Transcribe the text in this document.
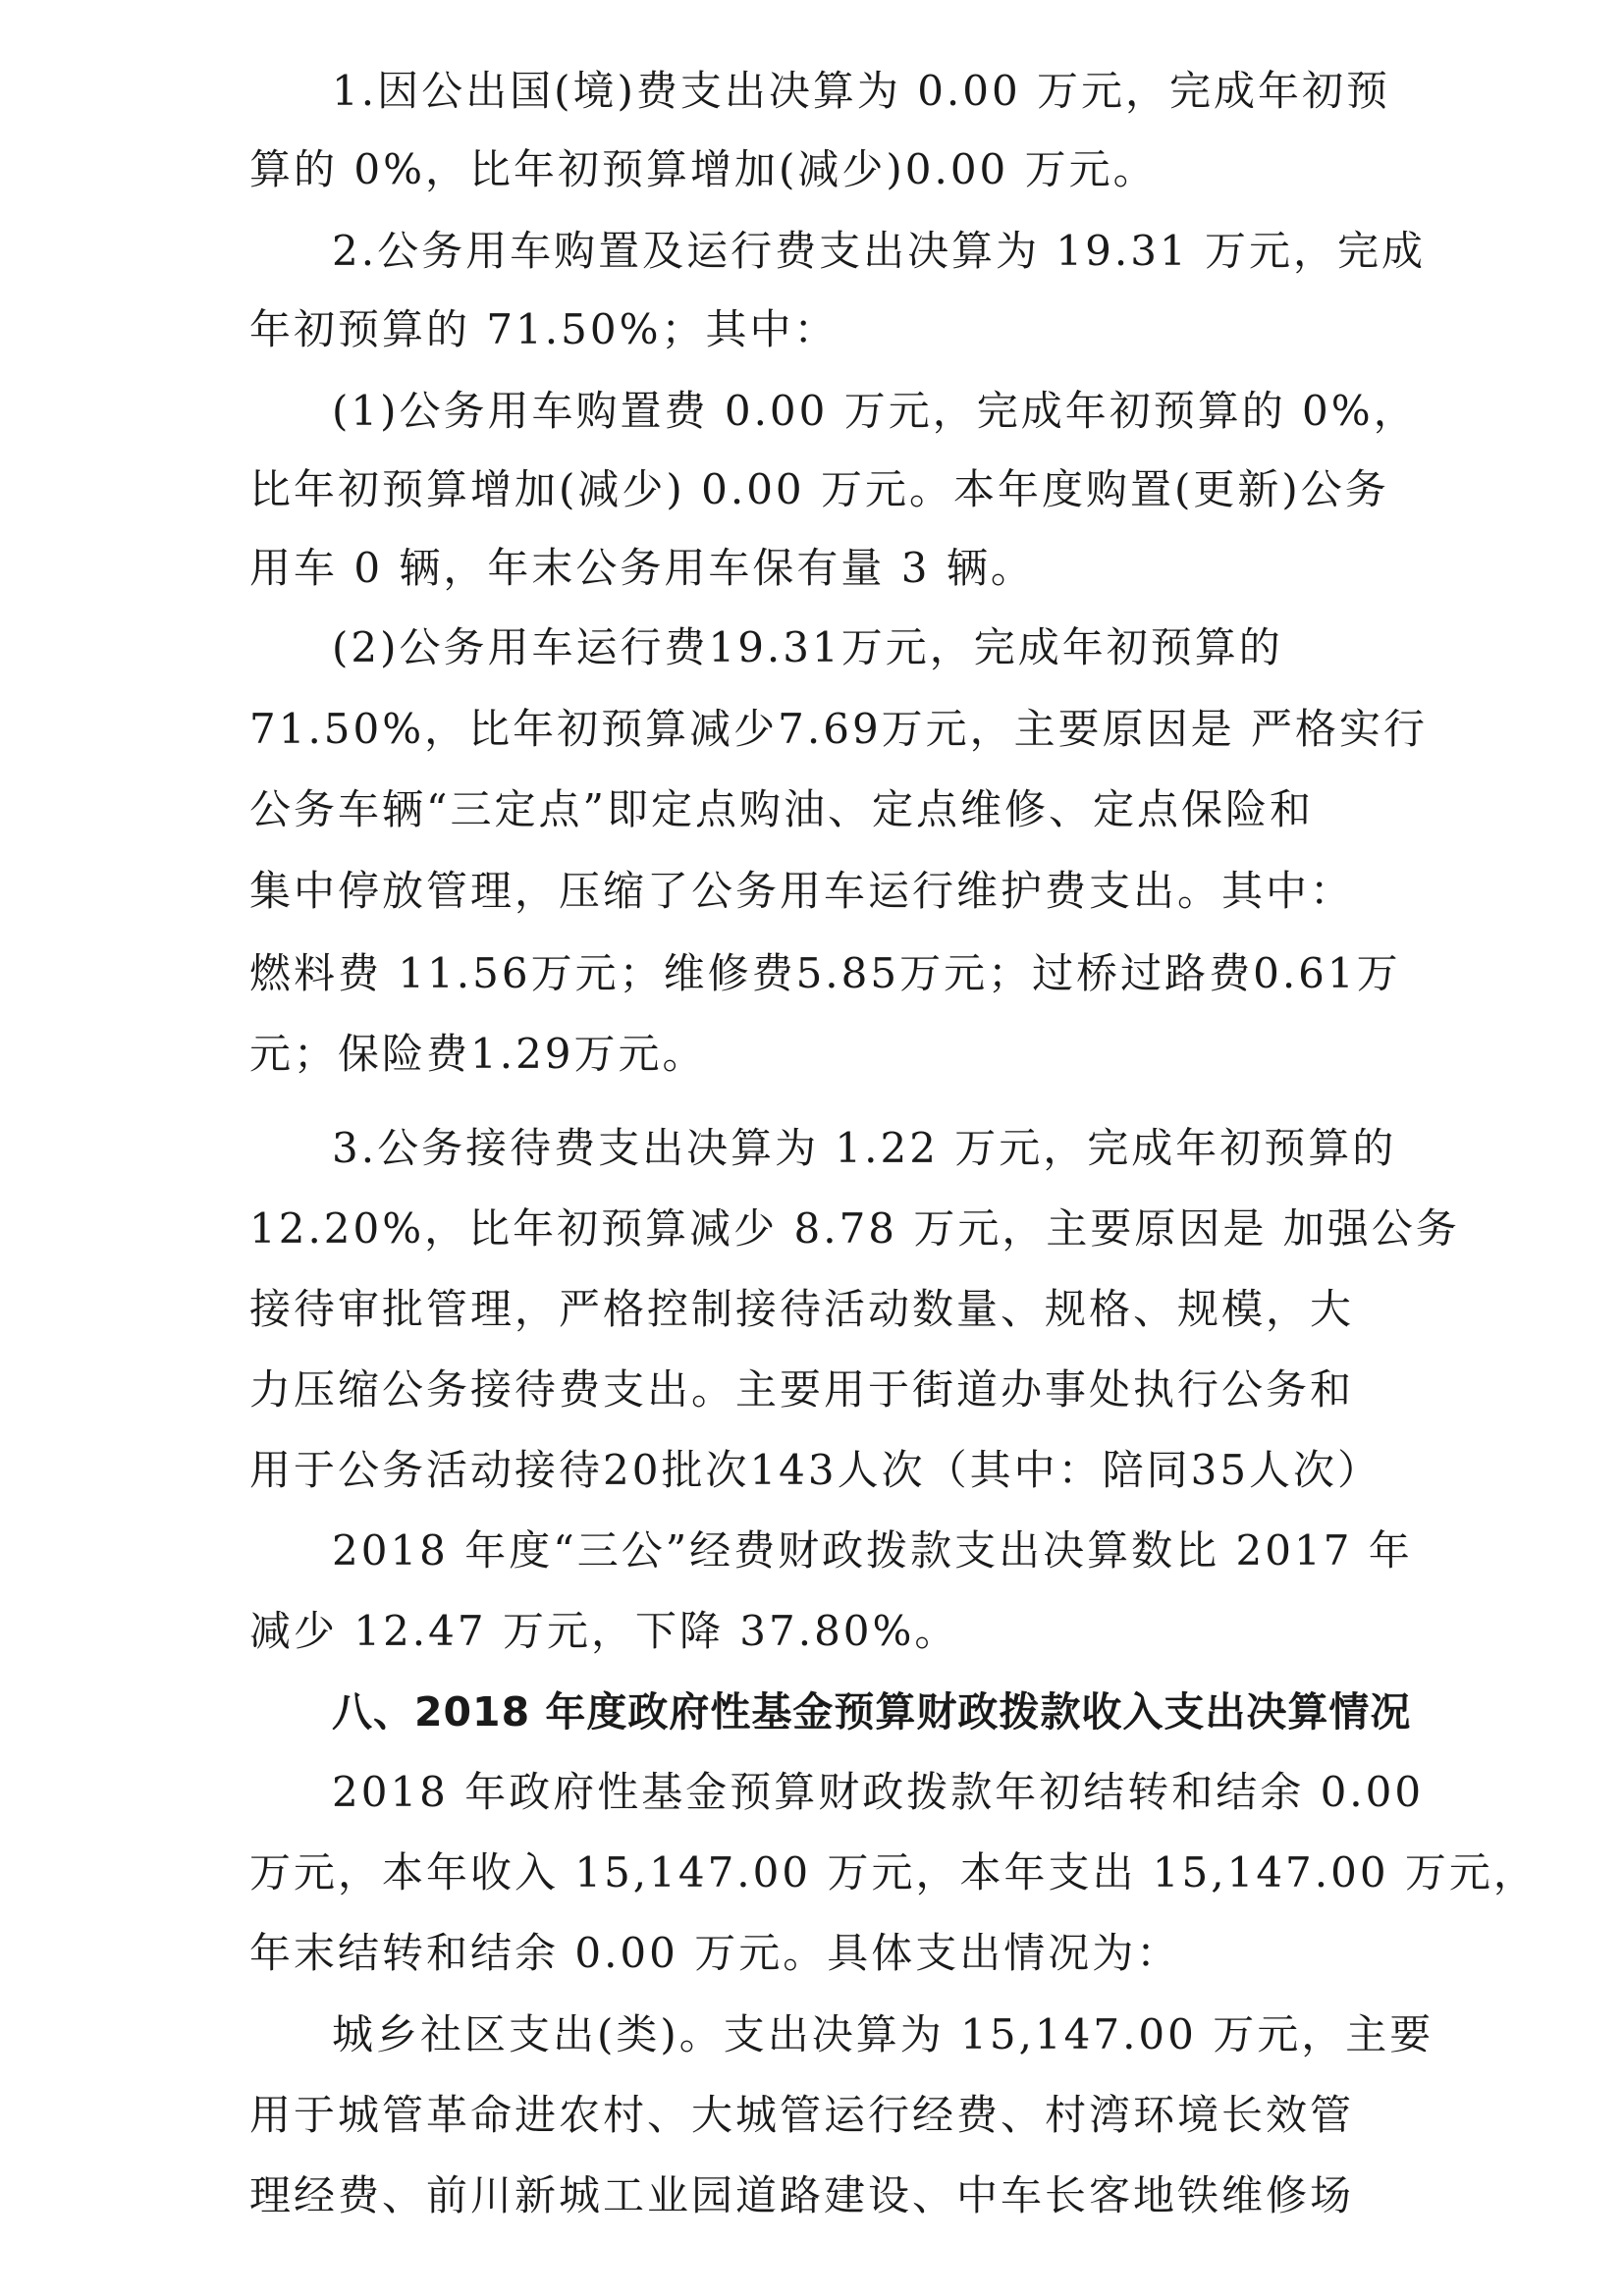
1.因公出国(境)费支出决算为 0.00 万元，完成年初预
算的 0%，比年初预算增加(减少)0.00 万元。
2.公务用车购置及运行费支出决算为 19.31 万元，完成
年初预算的 71.50%；其中：
(1)公务用车购置费 0.00 万元，完成年初预算的 0%，
比年初预算增加(减少) 0.00 万元。本年度购置(更新)公务
用车 0 辆，年末公务用车保有量 3 辆。
(2)公务用车运行费19.31万元，完成年初预算的
71.50%，比年初预算减少7.69万元，主要原因是 严格实行
公务车辆“三定点”即定点购油、定点维修、定点保险和
集中停放管理，压缩了公务用车运行维护费支出。其中：
燃料费 11.56万元；维修费5.85万元；过桥过路费0.61万
元；保险费1.29万元。
3.公务接待费支出决算为 1.22 万元，完成年初预算的
12.20%，比年初预算减少 8.78 万元，主要原因是 加强公务
接待审批管理，严格控制接待活动数量、规格、规模，大
力压缩公务接待费支出。主要用于街道办事处执行公务和
用于公务活动接待20批次143人次（其中：陪同35人次）
2018 年度“三公”经费财政拨款支出决算数比 2017 年
减少 12.47 万元，下降 37.80%。
八、2018 年度政府性基金预算财政拨款收入支出决算情况
2018 年政府性基金预算财政拨款年初结转和结余 0.00
万元，本年收入 15,147.00 万元，本年支出 15,147.00 万元，
年末结转和结余 0.00 万元。具体支出情况为：
城乡社区支出(类)。支出决算为 15,147.00 万元，主要
用于城管革命进农村、大城管运行经费、村湾环境长效管
理经费、前川新城工业园道路建设、中车长客地铁维修场
